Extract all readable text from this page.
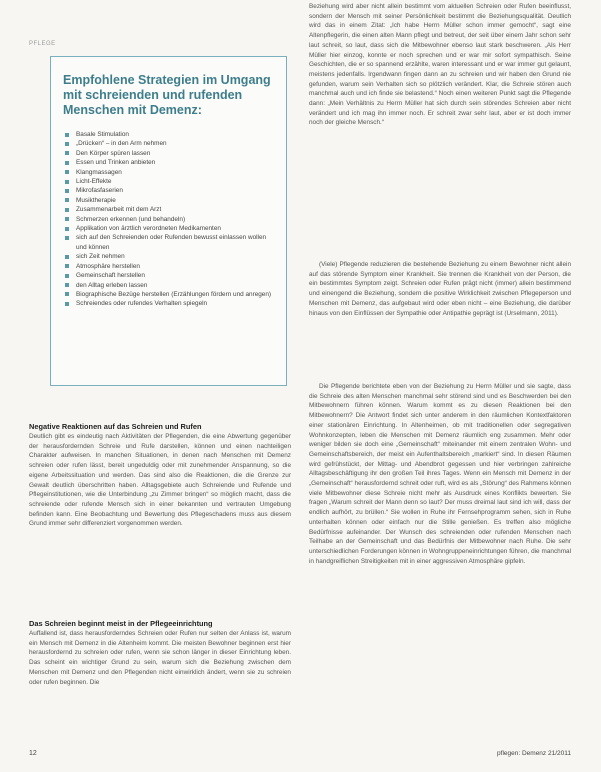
PFLEGE
Empfohlene Strategien im Umgang mit schreienden und rufenden Menschen mit Demenz:
Basale Stimulation
„Drücken“ – in den Arm nehmen
Den Körper spüren lassen
Essen und Trinken anbieten
Klangmassagen
Licht-Effekte
Mikrofasfaserien
Musiktherapie
Zusammenarbeit mit dem Arzt
Schmerzen erkennen (und behandeln)
Applikation von ärztlich verordneten Medikamenten
sich auf den Schreienden oder Rufenden bewusst einlassen wollen und können
sich Zeit nehmen
Atmosphäre herstellen
Gemeinschaft herstellen
den Alltag erleben lassen
Biographische Bezüge herstellen (Erzählungen fördern und anregen)
Schreiendes oder rufendes Verhalten spiegeln
Negative Reaktionen auf das Schreien und Rufen

Deutlich gibt es eindeutig nach Aktivitäten der Pflegenden, die eine Abwertung gegenüber der herausfordernden Schreie und Rufe darstellen, können und einen nachteiligen Charakter aufweisen. In manchen Situationen, in denen nach Menschen mit Demenz schreien oder rufen lässt, bereit ungeduldig oder mit zunehmender Anspannung, so die eigene Arbeitssituation und werden. Das sind also die Reaktionen, die die Grenze zur Gewalt deutlich überschritten haben. Alltagsgebiete auch Schreiende und Rufende und Pflegeinstitutionen, wie die Unterbindung „zu Zimmer bringen“ so möglich macht, dass die schreiende oder rufende Mensch sich in einer bekannten und vertrauten Umgebung befinden kann. Eine Beobachtung und Bewertung des Pflegeschadens muss aus diesem Grund immer sehr differenziert vorgenommen werden.

Das Schreien beginnt meist in der Pflegeeinrichtung

Auffallend ist, dass herausforderndes Schreien oder Rufen nur selten der Anlass ist, warum ein Mensch mit Demenz in die Altenheim kommt. Die meisten Bewohner beginnen erst hier herausfordernd zu schreien oder rufen, wenn sie schon länger in dieser Einrichtung leben. Das scheint ein wichtiger Grund zu sein, warum sich die Beziehung zwischen dem Menschen mit Demenz und den Pflegenden nicht einwirklich ändert, wenn sie zu schreien oder rufen beginnen. Die

Beziehung wird aber nicht allein bestimmt vom aktuellen Schreien oder Rufen beeinflusst, sondern der Mensch mit seiner Persönlichkeit bestimmt die Beziehungsqualität. Deutlich wird das in einem Zitat: „Ich habe Herrn Müller schon immer gemocht“, sagt eine Altenpflegerin, die einen alten Mann pflegt und betreut, der seit über einem Jahr schon sehr laut schreit, so laut, dass sich die Mitbewohner ebenso laut stark beschweren. „Als Herr Müller hier einzog, konnte er noch sprechen und er war mir sofort sympathisch. Seine Geschichten, die er so spannend erzählte, waren interessant und er war immer gut gelaunt, meistens jedenfalls. Irgendwann fingen dann an zu schreien und wir haben den Grund nie gefunden, warum sein Verhalten sich so plötzlich verändert. Klar, die Schreie stören auch manchmal auch und ich finde sie belastend.“ Noch einen weiteren Punkt sagt die Pflegende dann: „Mein Verhältnis zu Herrn Müller hat sich durch sein störendes Schreien aber nicht verändert und ich mag ihn immer noch. Er schreit zwar sehr laut, aber er ist doch immer noch der gleiche Mensch.“

(Viele) Pflegende reduzieren die bestehende Beziehung zu einem Bewohner nicht allein auf das störende Symptom einer Krankheit. Sie trennen die Krankheit von der Person, die ein bestimmtes Symptom zeigt. Schreien oder Rufen prägt nicht (immer) allein bestimmend und einengend die Beziehung, sondern die positive Wirklichkeit zwischen Pflegeperson und Menschen mit Demenz, das aufgebaut wird oder eben nicht – eine Beziehung, die darüber hinaus von den Einflüssen der Sympathie oder Antipathie geprägt ist (Urselmann, 2011).

Die Pflegende berichtete eben von der Beziehung zu Herrn Müller und sie sagte, dass die Schreie des alten Menschen manchmal sehr störend sind und es Beschwerden bei den Mitbewohnern führen können. Warum kommt es zu diesen Reaktionen bei den Mitbewohnern? Die Antwort findet sich unter anderem in den räumlichen Kontextfaktoren einer stationären Einrichtung. In Altenheimen, ob mit traditionellen oder segregativen Wohnkonzepten, leben die Menschen mit Demenz räumlich eng zusammen. Mehr oder weniger bilden sie doch eine „Gemeinschaft“ miteinander mit einem zentralen Wohn- und Gemeinschaftsbereich, der meist ein Aufenthaltsbereich „markiert“ sind. In diesen Räumen wird gefrühstückt, der Mittag- und Abendbrot gegessen und hier verbringen zahlreiche Alltagsbeschäftigung ihr den großen Teil ihres Tages. Wenn ein Mensch mit Demenz in der „Gemeinschaft“ herausfordernd schreit oder ruft, wird es als „Störung“ des Rahmens können viele Mitbewohner diese Schreie nicht mehr als Ausdruck eines Konflikts bewerten. Sie fragen „Warum schreit der Mann denn so laut? Der muss dreimal laut sind ich will, dass der endlich aufhört, zu brüllen.“ Sie wollen in Ruhe ihr Fernsehprogramm sehen, sich in Ruhe unterhalten können oder einfach nur die Stille genießen. Es treffen also mögliche Bedürfnisse aufeinander. Der Wunsch des schreienden oder rufenden Menschen nach Teilhabe an der Gemeinschaft und das Bedürfnis der Mitbewohner nach Ruhe. Die sehr unterschiedlichen Forderungen können in Wohngruppeneinrichtungen führen, die manchmal in handgreiflichen Streitigkeiten mit in einer aggressiven Atmosphäre gipfeln.

12	pflegen: Demenz 21/2011
